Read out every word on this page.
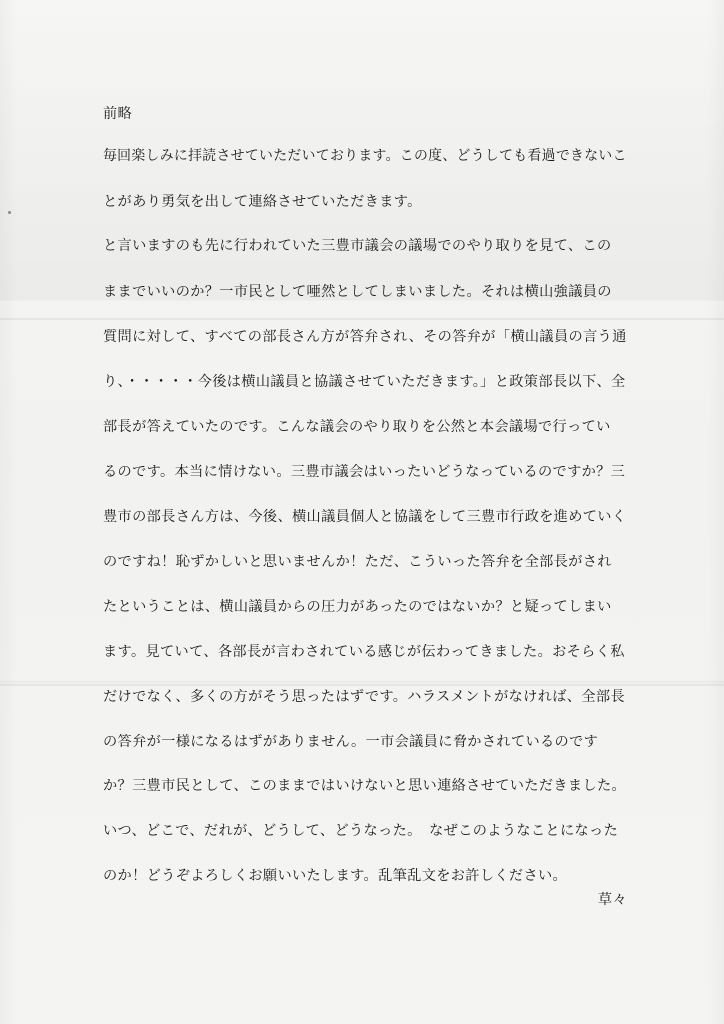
前略
毎回楽しみに拝読させていただいております。この度、どうしても看過できないこ
とがあり勇気を出して連絡させていただきます。
と言いますのも先に行われていた三豊市議会の議場でのやり取りを見て、この
ままでいいのか？一市民として唖然としてしまいました。それは横山強議員の
質問に対して、すべての部長さん方が答弁され、その答弁が「横山議員の言う通
り、・・・・・今後は横山議員と協議させていただきます。」と政策部長以下、全
部長が答えていたのです。こんな議会のやり取りを公然と本会議場で行ってい
るのです。本当に情けない。三豊市議会はいったいどうなっているのですか？三
豊市の部長さん方は、今後、横山議員個人と協議をして三豊市行政を進めていく
のですね！恥ずかしいと思いませんか！ただ、こういった答弁を全部長がされ
たということは、横山議員からの圧力があったのではないか？と疑ってしまい
ます。見ていて、各部長が言わされている感じが伝わってきました。おそらく私
だけでなく、多くの方がそう思ったはずです。ハラスメントがなければ、全部長
の答弁が一様になるはずがありません。一市会議員に脅かされているのです
か？三豊市民として、このままではいけないと思い連絡させていただきました。
いつ、どこで、だれが、どうして、どうなった。　なぜこのようなことになった
のか！どうぞよろしくお願いいたします。乱筆乱文をお許しください。
草々
